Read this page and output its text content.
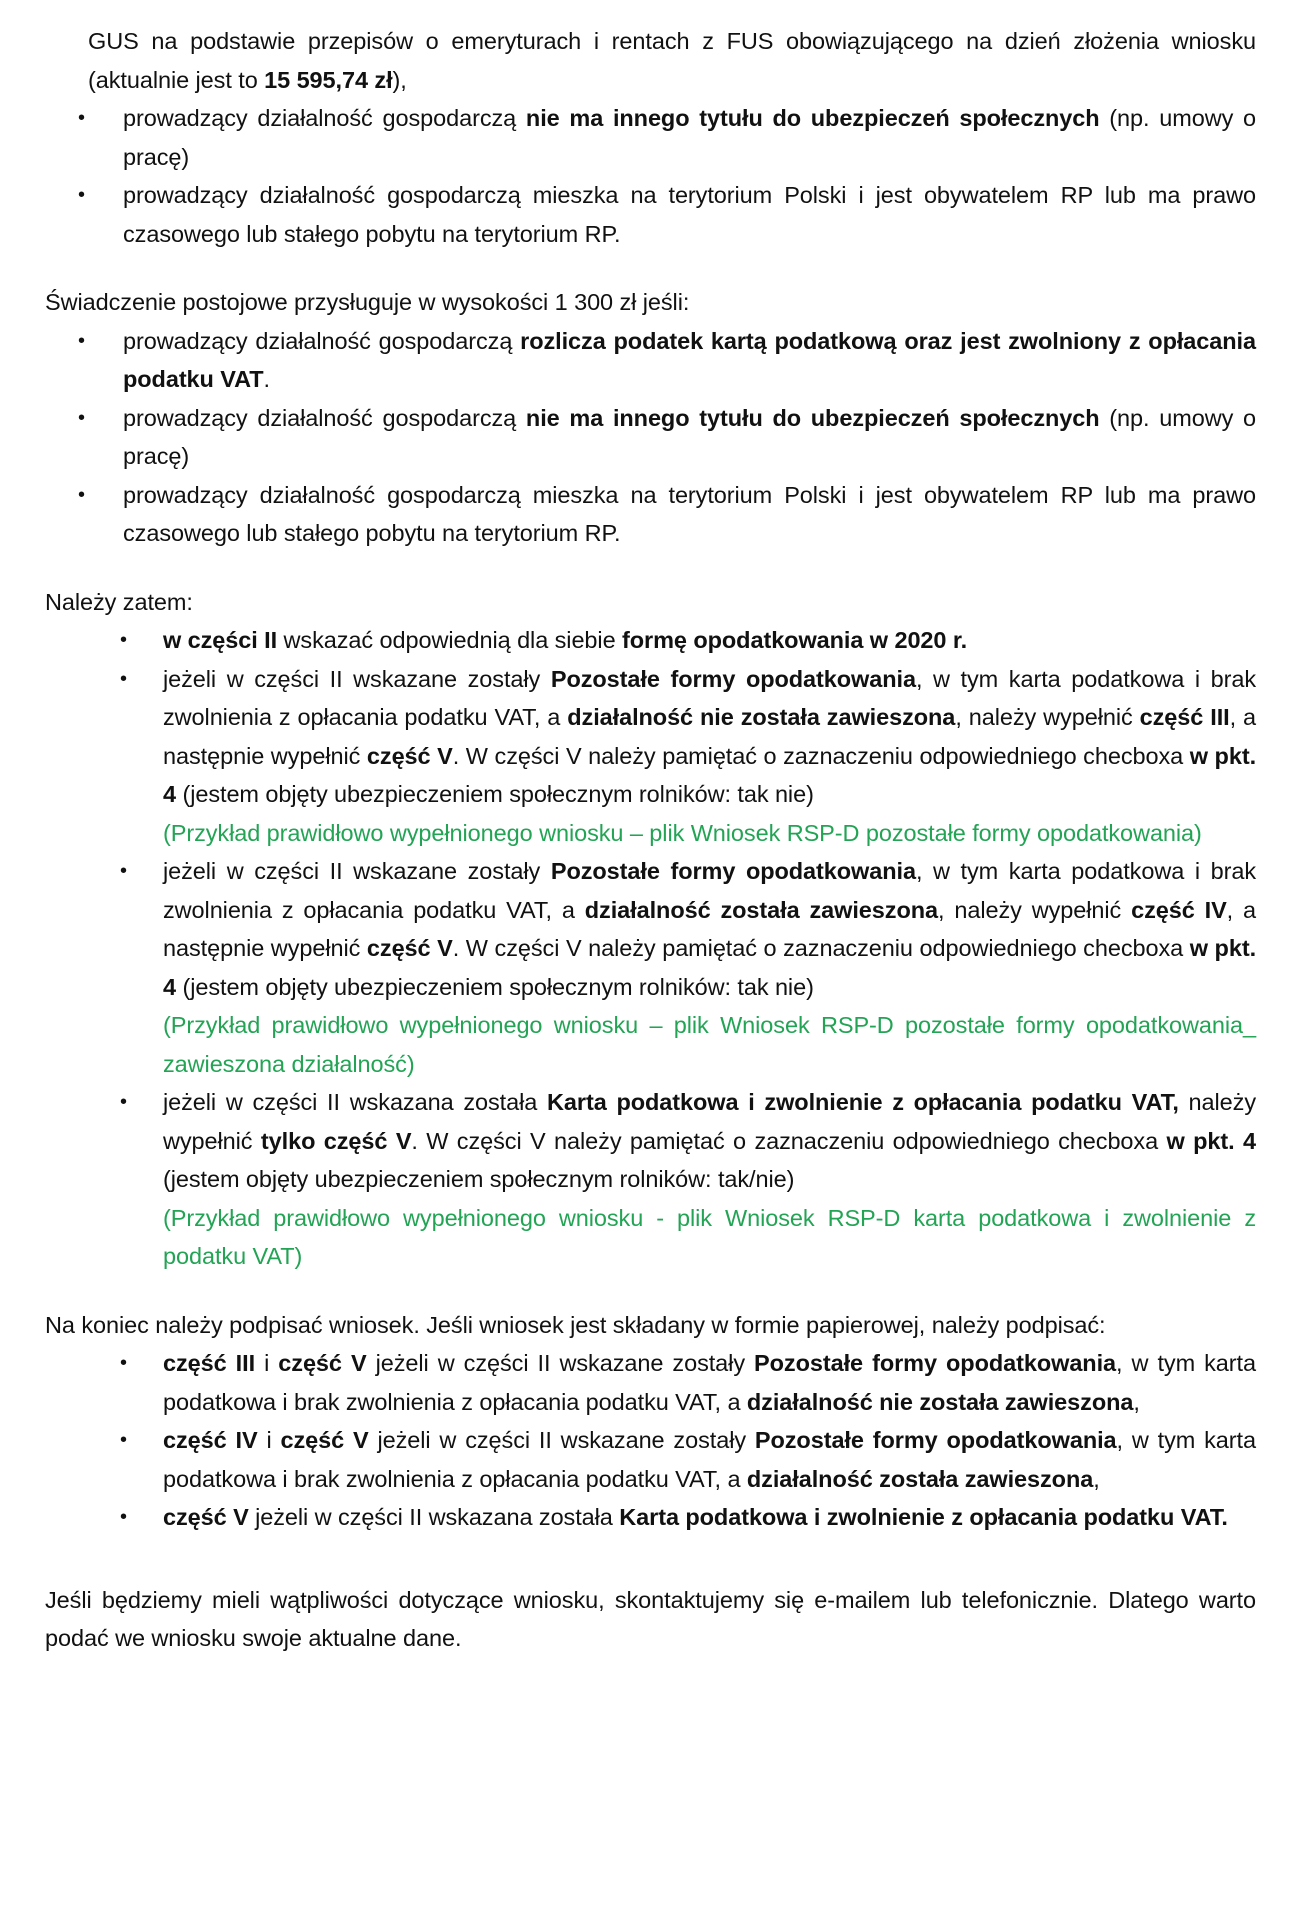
GUS na podstawie przepisów o emeryturach i rentach z FUS obowiązującego na dzień złożenia wniosku (aktualnie jest to 15 595,74 zł),

• prowadzący działalność gospodarczą nie ma innego tytułu do ubezpieczeń społecznych (np. umowy o pracę)
• prowadzący działalność gospodarczą mieszka na terytorium Polski i jest obywatelem RP lub ma prawo czasowego lub stałego pobytu na terytorium RP.

Świadczenie postojowe przysługuje w wysokości 1 300 zł jeśli:

• prowadzący działalność gospodarczą rozlicza podatek kartą podatkową oraz jest zwolniony z opłacania podatku VAT.
• prowadzący działalność gospodarczą nie ma innego tytułu do ubezpieczeń społecznych (np. umowy o pracę)
• prowadzący działalność gospodarczą mieszka na terytorium Polski i jest obywatelem RP lub ma prawo czasowego lub stałego pobytu na terytorium RP.

Należy zatem:

• w części II wskazać odpowiednią dla siebie formę opodatkowania w 2020 r.
• jeżeli w części II wskazane zostały Pozostałe formy opodatkowania, w tym karta podatkowa i brak zwolnienia z opłacania podatku VAT, a działalność nie została zawieszona, należy wypełnić część III, a następnie wypełnić część V. W części V należy pamiętać o zaznaczeniu odpowiedniego checboxa w pkt. 4 (jestem objęty ubezpieczeniem społecznym rolników: tak nie)
(Przykład prawidłowo wypełnionego wniosku – plik Wniosek RSP-D pozostałe formy opodatkowania)
• jeżeli w części II wskazane zostały Pozostałe formy opodatkowania, w tym karta podatkowa i brak zwolnienia z opłacania podatku VAT, a działalność została zawieszona, należy wypełnić część IV, a następnie wypełnić część V. W części V należy pamiętać o zaznaczeniu odpowiedniego checboxa w pkt. 4 (jestem objęty ubezpieczeniem społecznym rolników: tak nie)
(Przykład prawidłowo wypełnionego wniosku – plik Wniosek RSP-D pozostałe formy opodatkowania_ zawieszona działalność)
• jeżeli w części II wskazana została Karta podatkowa i zwolnienie z opłacania podatku VAT, należy wypełnić tylko część V. W części V należy pamiętać o zaznaczeniu odpowiedniego checboxa w pkt. 4 (jestem objęty ubezpieczeniem społecznym rolników: tak/nie)
(Przykład prawidłowo wypełnionego wniosku - plik Wniosek RSP-D karta podatkowa i zwolnienie z podatku VAT)

Na koniec należy podpisać wniosek. Jeśli wniosek jest składany w formie papierowej, należy podpisać:

• część III i część V jeżeli w części II wskazane zostały Pozostałe formy opodatkowania, w tym karta podatkowa i brak zwolnienia z opłacania podatku VAT, a działalność nie została zawieszona,
• część IV i część V jeżeli w części II wskazane zostały Pozostałe formy opodatkowania, w tym karta podatkowa i brak zwolnienia z opłacania podatku VAT, a działalność została zawieszona,
• część V jeżeli w części II wskazana została Karta podatkowa i zwolnienie z opłacania podatku VAT.

Jeśli będziemy mieli wątpliwości dotyczące wniosku, skontaktujemy się e-mailem lub telefonicznie. Dlatego warto podać we wniosku swoje aktualne dane.
